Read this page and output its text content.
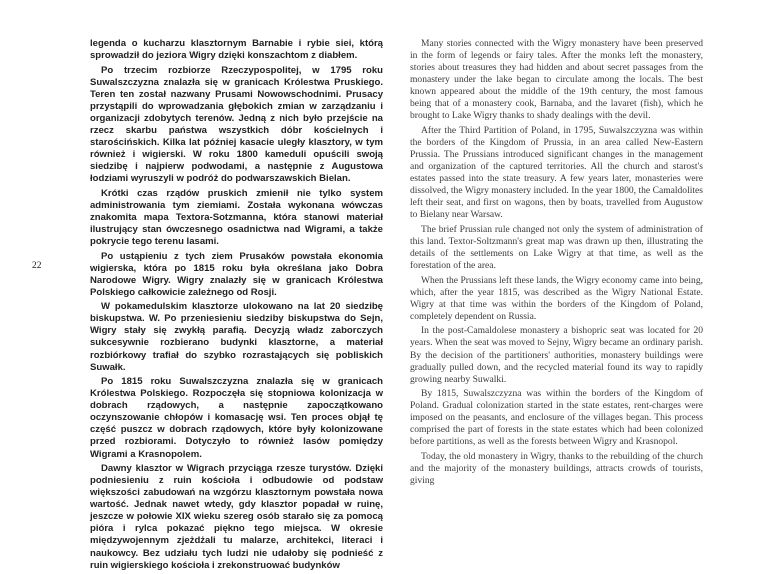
22

legenda o kucharzu klasztornym Barnabie i rybie siei, którą sprowadził do jeziora Wigry dzięki konszachtom z diabłem.

Po trzecim rozbiorze Rzeczypospolitej, w 1795 roku Suwalszczyzna znalazła się w granicach Królestwa Pruskiego. Teren ten został nazwany Prusami Nowowschodnimi. Prusacy przystąpili do wprowadzania głębokich zmian w zarządzaniu i organizacji zdobytych terenów. Jedną z nich było przejście na rzecz skarbu państwa wszystkich dóbr kościelnych i starościńskich. Kilka lat później kasacie uległy klasztory, w tym również i wigierski. W roku 1800 kameduli opuścili swoją siedzibę i najpierw podwodami, a następnie z Augustowa łodziami wyruszyli w podróż do podwarszawskich Bielan.

Krótki czas rządów pruskich zmienił nie tylko system administrowania tym ziemiami. Została wykonana wówczas znakomita mapa Textora-Sotzmanna, która stanowi materiał ilustrujący stan ówczesnego osadnictwa nad Wigrami, a także pokrycie tego terenu lasami.

Po ustąpieniu z tych ziem Prusaków powstała ekonomia wigierska, która po 1815 roku była określana jako Dobra Narodowe Wigry. Wigry znalazły się w granicach Królestwa Polskiego całkowicie zależnego od Rosji.

W pokamedulskim klasztorze ulokowano na lat 20 siedzibę biskupstwa. W. Po przeniesieniu siedziby biskupstwa do Sejn, Wigry stały się zwykłą parafią. Decyzją władz zaborczych sukcesywnie rozbierano budynki klasztorne, a materiał rozbiórkowy trafiał do szybko rozrastających się pobliskich Suwałk.

Po 1815 roku Suwalszczyzna znalazła się w granicach Królestwa Polskiego. Rozpoczęła się stopniowa kolonizacja w dobrach rządowych, a następnie zapoczątkowano oczynszowanie chłopów i komasację wsi. Ten proces objął tę część puszcz w dobrach rządowych, które były kolonizowane przed rozbiorami. Dotyczyło to również lasów pomiędzy Wigrami a Krasnopolem.

Dawny klasztor w Wigrach przyciąga rzesze turystów. Dzięki podniesieniu z ruin kościoła i odbudowie od podstaw większości zabudowań na wzgórzu klasztornym powstała nowa wartość. Jednak nawet wtedy, gdy klasztor popadał w ruinę, jeszcze w połowie XIX wieku szereg osób starało się za pomocą pióra i rylca pokazać piękno tego miejsca. W okresie międzywojennym zjeżdżali tu malarze, architekci, literaci i naukowcy. Bez udziału tych ludzi nie udałoby się podnieść z ruin wigierskiego kościoła i zrekonstruować budynków

Many stories connected with the Wigry monastery have been preserved in the form of legends or fairy tales. After the monks left the monastery, stories about treasures they had hidden and about secret passages from the monastery under the lake began to circulate among the locals. The best known appeared about the middle of the 19th century, the most famous being that of a monastery cook, Barnaba, and the lavaret (fish), which he brought to Lake Wigry thanks to shady dealings with the devil.

After the Third Partition of Poland, in 1795, Suwalszczyzna was within the borders of the Kingdom of Prussia, in an area called New-Eastern Prussia. The Prussians introduced significant changes in the management and organization of the captured territories. All the church and starost's estates passed into the state treasury. A few years later, monasteries were dissolved, the Wigry monastery included. In the year 1800, the Camaldolites left their seat, and first on wagons, then by boats, travelled from Augustow to Bielany near Warsaw.

The brief Prussian rule changed not only the system of administration of this land. Textor-Soltzmann's great map was drawn up then, illustrating the details of the settlements on Lake Wigry at that time, as well as the forestation of the area.

When the Prussians left these lands, the Wigry economy came into being, which, after the year 1815, was described as the Wigry National Estate. Wigry at that time was within the borders of the Kingdom of Poland, completely dependent on Russia.

In the post-Camaldolese monastery a bishopric seat was located for 20 years. When the seat was moved to Sejny, Wigry became an ordinary parish. By the decision of the partitioners' authorities, monastery buildings were gradually pulled down, and the recycled material found its way to rapidly growing nearby Suwalki.

By 1815, Suwalszczyzna was within the borders of the Kingdom of Poland. Gradual colonization started in the state estates, rent-charges were imposed on the peasants, and enclosure of the villages began. This process comprised the part of forests in the state estates which had been colonized before partitions, as well as the forests between Wigry and Krasnopol.

Today, the old monastery in Wigry, thanks to the rebuilding of the church and the majority of the monastery buildings, attracts crowds of tourists, giving
